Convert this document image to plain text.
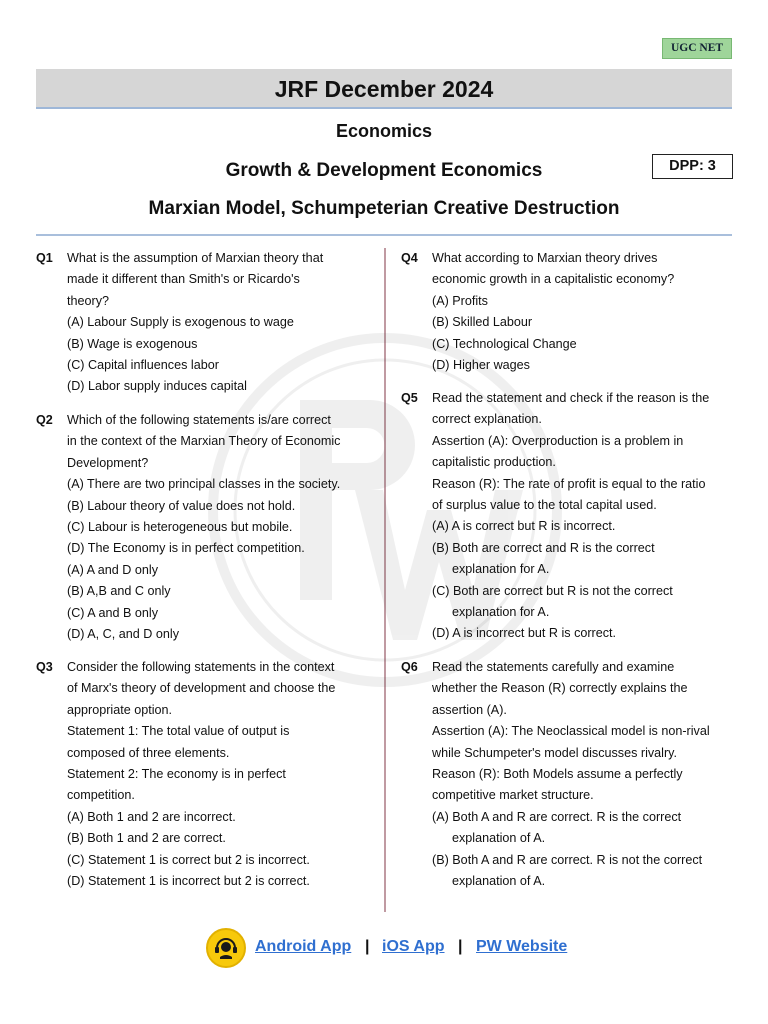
UGC NET
JRF December 2024
Economics
Growth & Development Economics	DPP: 3
Marxian Model, Schumpeterian Creative Destruction
Q1 What is the assumption of Marxian theory that
made it different than Smith's or Ricardo's
theory?
(A) Labour Supply is exogenous to wage
(B) Wage is exogenous
(C) Capital influences labor
(D) Labor supply induces capital
Q2 Which of the following statements is/are correct
in the context of the Marxian Theory of Economic
Development?
(A) There are two principal classes in the society.
(B) Labour theory of value does not hold.
(C) Labour is heterogeneous but mobile.
(D) The Economy is in perfect competition.
(A) A and D only
(B) A,B and C only
(C) A and B only
(D) A, C, and D only
Q3 Consider the following statements in the context
of Marx's theory of development and choose the
appropriate option.
Statement 1: The total value of output is
composed of three elements.
Statement 2: The economy is in perfect
competition.
(A) Both 1 and 2 are incorrect.
(B) Both 1 and 2 are correct.
(C) Statement 1 is correct but 2 is incorrect.
(D) Statement 1 is incorrect but 2 is correct.
Q4 What according to Marxian theory drives
economic growth in a capitalistic economy?
(A) Profits
(B) Skilled Labour
(C) Technological Change
(D) Higher wages
Q5 Read the statement and check if the reason is the
correct explanation.
Assertion (A): Overproduction is a problem in
capitalistic production.
Reason (R): The rate of profit is equal to the ratio
of surplus value to the total capital used.
(A) A is correct but R is incorrect.
(B) Both are correct and R is the correct
explanation for A.
(C) Both are correct but R is not the correct
explanation for A.
(D) A is incorrect but R is correct.
Q6 Read the statements carefully and examine
whether the Reason (R) correctly explains the
assertion (A).
Assertion (A): The Neoclassical model is non-rival
while Schumpeter's model discusses rivalry.
Reason (R): Both Models assume a perfectly
competitive market structure.
(A) Both A and R are correct. R is the correct
explanation of A.
(B) Both A and R are correct. R is not the correct
explanation of A.
Android App | iOS App | PW Website
